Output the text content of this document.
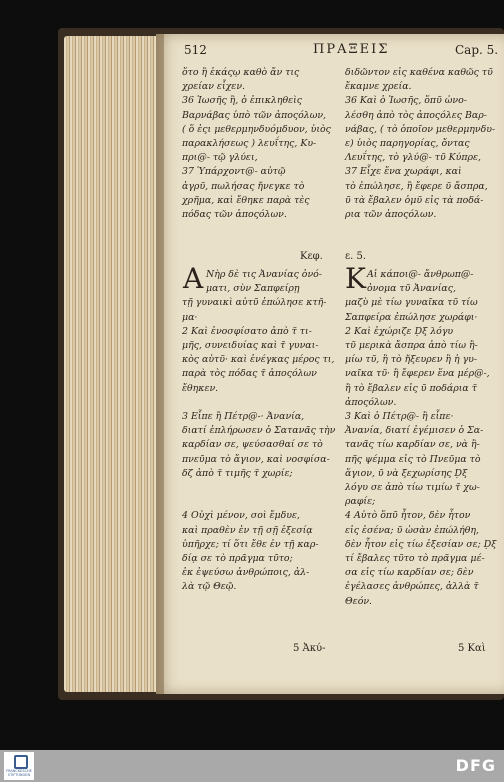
512	ΠΡΑΞΕΙΣ	Cap. 5.
ὅτο ἢ ἑκάςῳ καθὸ ἄν τις
χρείαν εἶχεν.
36 Ἰωσῆς ἢ, ὁ ἐπικληθεὶς
Βαρνάβας ὑπὸ τῶν ἀποςόλων,
( ὅ ἐςι μεθερμηνδυόμδυον, ὑιὸς
παρακλήσεως ) λευΐτης, Κυ-
πρι@- τῷ γλύει,
37 Ὑπάρχοντ@- αὐτῷ
ἀγρῦ, πωλήσας ἤνεγκε τὸ
χρῆμα, καὶ ἔθηκε παρὰ τὲς
πόδας τῶν ἀποςόλων.
Κεφ.
Α Νὴρ δὲ τις Ἀνανίας ὀνό-
ματι, σὺν Σαπφείρῃ
τῇ γυναικὶ αὐτῦ ἐπώλησε κτῆ-
μα·
2 Καὶ ἐνοσφίσατο ἀπὸ τ̃ τι-
μῆς, συνειδυίας καὶ τ̃ γυναι-
κὸς αὐτῦ· καὶ ἐνέγκας μέρος τι,
παρὰ τὸς πόδας τ̃ ἀποςόλων
ἔθηκεν.

3 Εἶπε ἢ Πέτρ@-· Ἀνανία,
διατί ἐπλήρωσεν ὁ Σατανᾶς τὴν
καρδίαν σε, ψεύσασθαί σε τὸ
πνεῦμα τὸ ἅγιον, καὶ νοσφίσα-
δζ ἀπὸ τ̃ τιμῆς τ̃ χωρίε;

4 Οὐχὶ μένον, σοὶ ἔμδυε,
καὶ πραθὲν ἐν τῇ σῇ ἐξεσίᾳ
ὑπῆρχε; τί ὅτι ἔθε ἐν τῇ καρ-
δίᾳ σε τὸ πρᾶγμα τῦτο;
ἐκ ἐψεύσω ἀνθρώποις, ἀλ-
λὰ τῷ Θεῷ.
5 Ἀκύ-
διδῶντον εἰς καθένα καθῶς τῦ
ἔκαμνε χρεία.
36 Καὶ ὁ Ἰωσῆς, ὅπῦ ὠνο-
λέσθη ἀπὸ τὸς ἀποςόλες Βαρ-
νάβας, ( τὸ ὁποῖον μεθερμηνδυ-
ε) ὑιὸς παρηγορίας, ὄντας
Λευΐτης, τὸ γλύ@- τῦ Κύπρε,
37 Εἶχε ἕνα χωράφι, καὶ
τὸ ἐπώλησε, ἢ ἔφερε ῦ ἄσπρα,
ῦ τὰ ἔβαλεν ὁμῦ εἰς τὰ ποδά-
ρια τῶν ἀποςόλων.
ε. 5.
Κ Αἱ κάποι@- ἄνθρωπ@-
ὀνομα τῦ Ἀνανίας,
μαζὺ μὲ τίω γυναῖκα τῦ τίω
Σαπφείρα ἐπώλησε χωράφι·
2 Καὶ ἐχώριζε Ḍξ λόγυ
τῦ μερικὰ ἄσπρα ἀπὸ τίω ἢ-
μίω τῦ, ἢ τὸ ἤξευρεν ἢ ἡ γυ-
ναῖκα τῦ· ἢ ἔφερεν ἕνα μέρ@-,
ἢ τὸ ἔβαλεν εἰς ῦ ποδάρια τ̃
ἀποςόλων.
3 Καὶ ὁ Πέτρ@- ἢ εἶπε·
Ἀνανία, διατί ἐγέμισεν ὁ Σα-
τανᾶς τίω καρδίαν σε, νὰ ἢ-
πῆς ψέμμα εἰς τὸ Πνεῦμα τὸ
ἅγιον, ῦ νὰ ξεχωρίσης Ḍξ
λόγυ σε ἀπὸ τίω τιμίω τ̃ χω-
ραφίε;
4 Αὐτὸ ὅπῦ ἦτον, δὲν ἦτον
εἰς ἐσένα; ῦ ὡσὰν ἐπώλήθη,
δὲν ἦτον εἰς τίω ἐξεσίαν σε; Ḍξ
τί ἔβαλες τῦτο τὸ πρᾶγμα μέ-
σα εἰς τίω καρδίαν σε; δὲν
ἐγέλασες ἀνθρώπες, ἀλλὰ τ̃
Θεόν.
5 Καὶ
FRANCKESCHE STIFTUNGEN	DFG
